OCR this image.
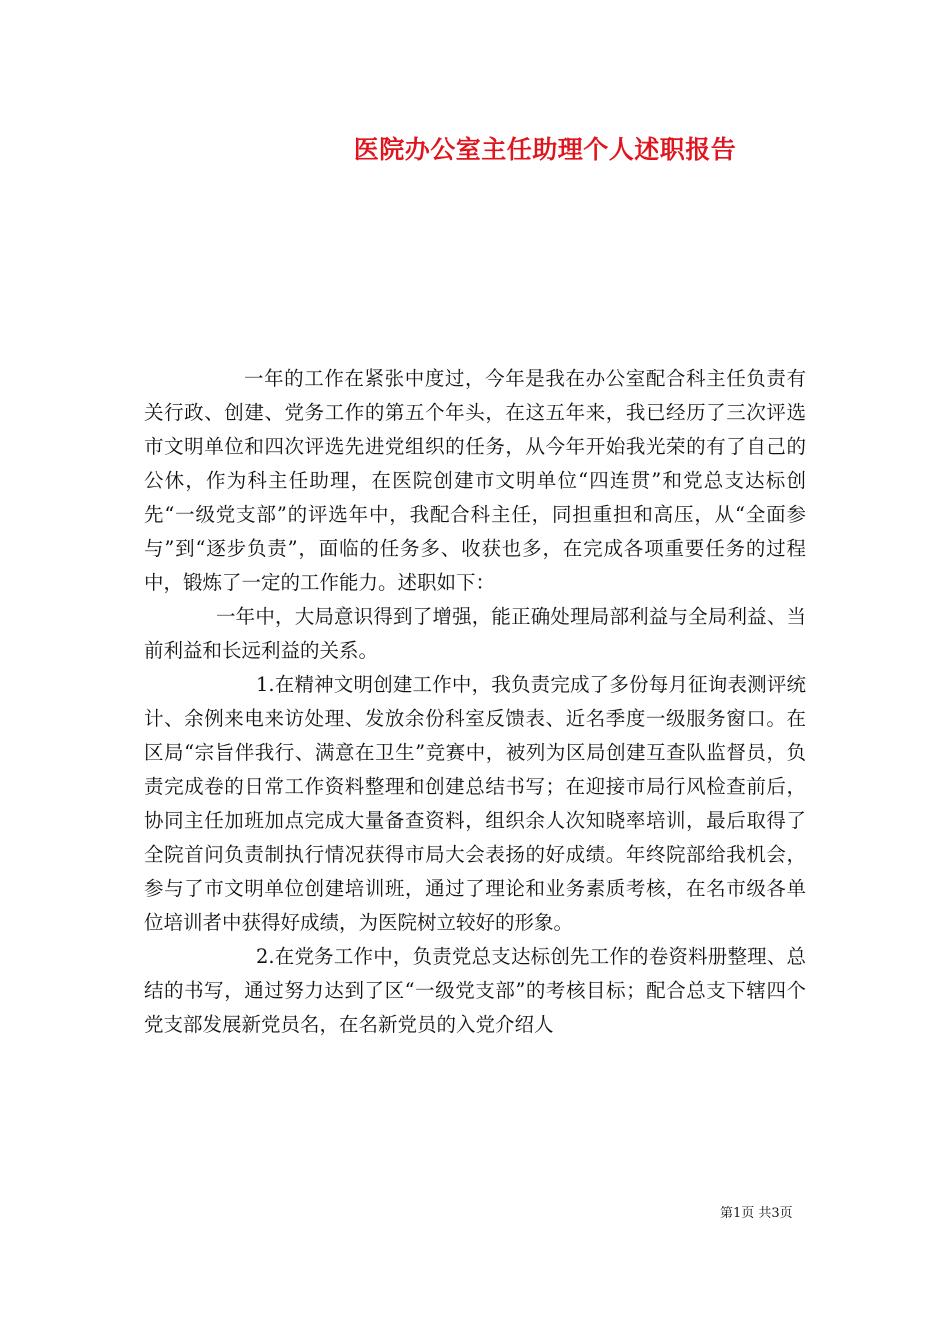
医院办公室主任助理个人述职报告

一年的工作在紧张中度过，今年是我在办公室配合科主任负责有关行政、创建、党务工作的第五个年头，在这五年来，我已经历了三次评选市文明单位和四次评选先进党组织的任务，从今年开始我光荣的有了自己的公休，作为科主任助理，在医院创建市文明单位“四连贯”和党总支达标创先“一级党支部”的评选年中，我配合科主任，同担重担和高压，从“全面参与”到“逐步负责”，面临的任务多、收获也多，在完成各项重要任务的过程中，锻炼了一定的工作能力。述职如下：

一年中，大局意识得到了增强，能正确处理局部利益与全局利益、当前利益和长远利益的关系。

1.在精神文明创建工作中，我负责完成了多份每月征询表测评统计、余例来电来访处理、发放余份科室反馈表、近名季度一级服务窗口。在区局“宗旨伴我行、满意在卫生”竞赛中，被列为区局创建互查队监督员，负责完成卷的日常工作资料整理和创建总结书写；在迎接市局行风检查前后，协同主任加班加点完成大量备查资料，组织余人次知晓率培训，最后取得了全院首问负责制执行情况获得市局大会表扬的好成绩。年终院部给我机会，参与了市文明单位创建培训班，通过了理论和业务素质考核，在名市级各单位培训者中获得好成绩，为医院树立较好的形象。

2.在党务工作中，负责党总支达标创先工作的卷资料册整理、总结的书写，通过努力达到了区“一级党支部”的考核目标；配合总支下辖四个党支部发展新党员名，在名新党员的入党介绍人

第1页 共3页
